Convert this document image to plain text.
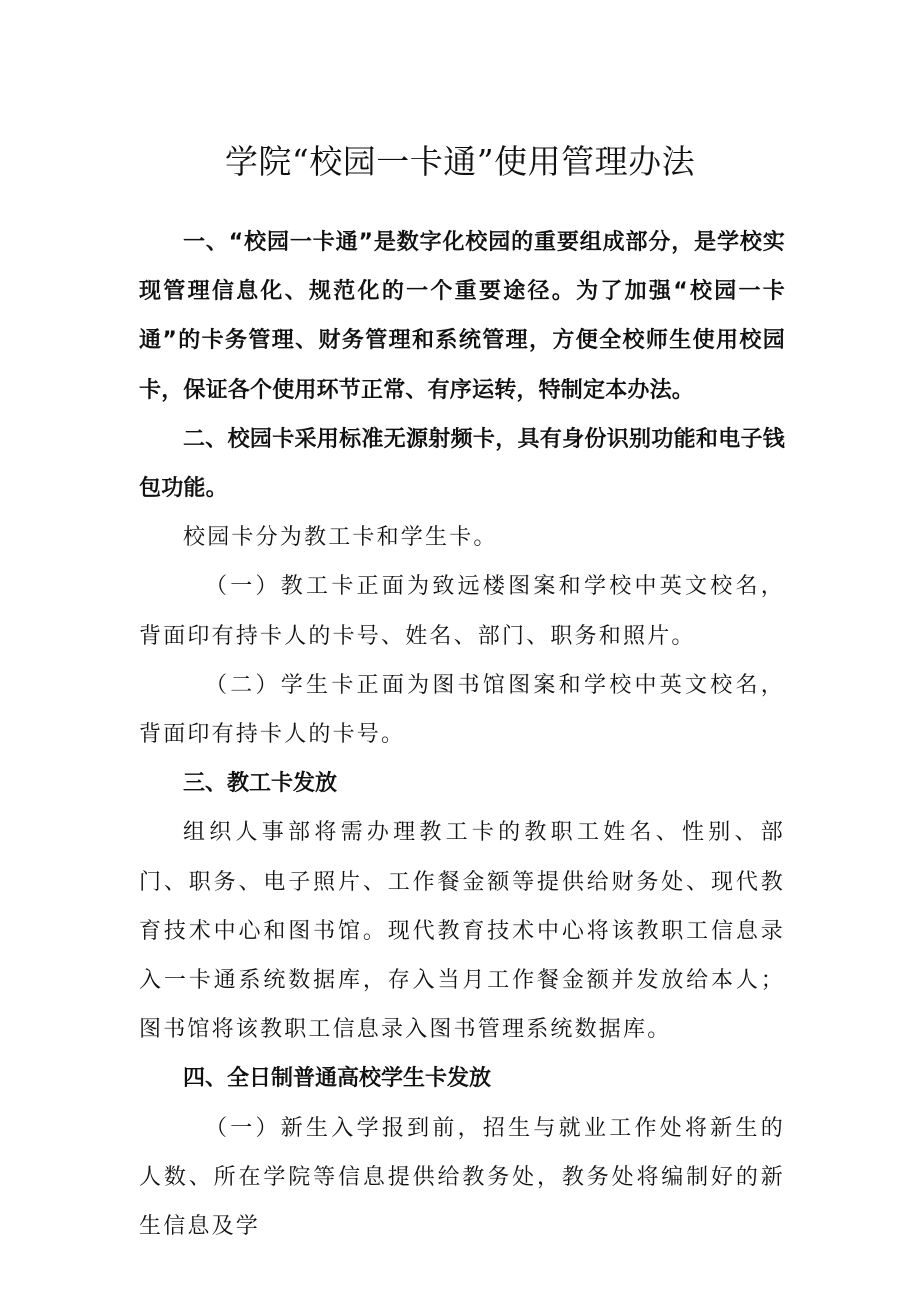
学院“校园一卡通”使用管理办法

一、“校园一卡通”是数字化校园的重要组成部分，是学校实现管理信息化、规范化的一个重要途径。为了加强“校园一卡通”的卡务管理、财务管理和系统管理，方便全校师生使用校园卡，保证各个使用环节正常、有序运转，特制定本办法。

二、校园卡采用标准无源射频卡，具有身份识别功能和电子钱包功能。

校园卡分为教工卡和学生卡。

（一）教工卡正面为致远楼图案和学校中英文校名，背面印有持卡人的卡号、姓名、部门、职务和照片。

（二）学生卡正面为图书馆图案和学校中英文校名，背面印有持卡人的卡号。

三、教工卡发放

组织人事部将需办理教工卡的教职工姓名、性别、部门、职务、电子照片、工作餐金额等提供给财务处、现代教育技术中心和图书馆。现代教育技术中心将该教职工信息录入一卡通系统数据库，存入当月工作餐金额并发放给本人；图书馆将该教职工信息录入图书管理系统数据库。

四、全日制普通高校学生卡发放

（一）新生入学报到前，招生与就业工作处将新生的人数、所在学院等信息提供给教务处，教务处将编制好的新生信息及学
